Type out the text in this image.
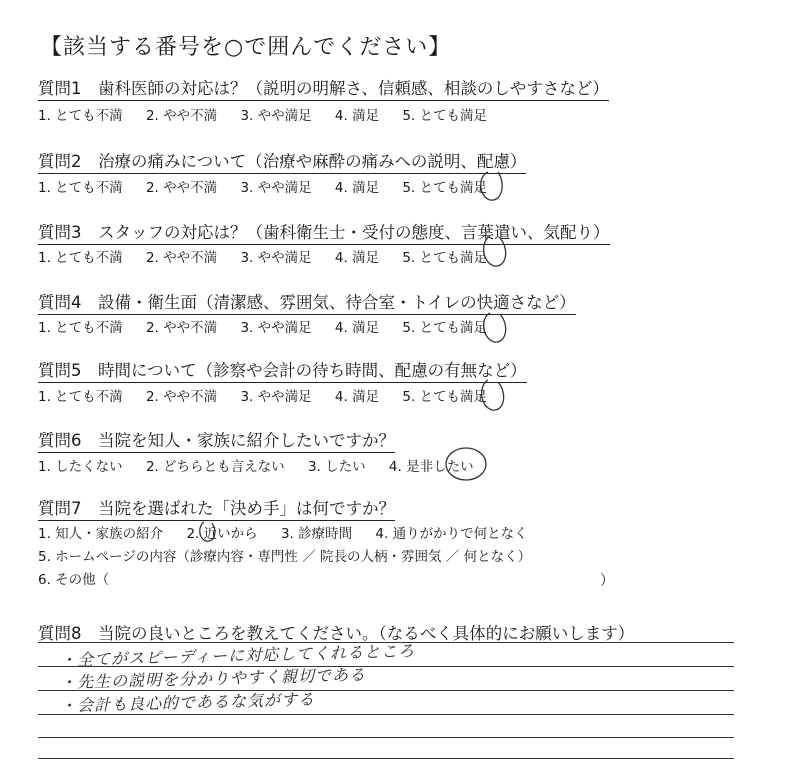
【該当する番号を○で囲んでください】
質問1　歯科医師の対応は？（説明の明解さ、信頼感、相談のしやすさなど）
1. とても不満 2. やや不満 3. やや満足 4. 満足 5. とても満足
質問2　治療の痛みについて（治療や麻酔の痛みへの説明、配慮）
1. とても不満 2. やや不満 3. やや満足 4. 満足 5. とても満足
質問3　スタッフの対応は？（歯科衛生士・受付の態度、言葉遣い、気配り）
1. とても不満 2. やや不満 3. やや満足 4. 満足 5. とても満足
質問4　設備・衛生面（清潔感、雰囲気、待合室・トイレの快適さなど）
1. とても不満 2. やや不満 3. やや満足 4. 満足 5. とても満足
質問5　時間について（診察や会計の待ち時間、配慮の有無など）
1. とても不満 2. やや不満 3. やや満足 4. 満足 5. とても満足
質問6　当院を知人・家族に紹介したいですか？
1. したくない 2. どちらとも言えない 3. したい 4. 是非したい
質問7　当院を選ばれた「決め手」は何ですか？
1. 知人・家族の紹介 2. 近いから 3. 診療時間 4. 通りがかりで何となく
5. ホームページの内容（診療内容・専門性 ／ 院長の人柄・雰囲気 ／ 何となく）
6. その他（	）
質問8　当院の良いところを教えてください。（なるべく具体的にお願いします）
・全てがスピーディーに対応してくれるところ
・先生の説明を分かりやすく親切である
・会計も良心的であるな気がする
